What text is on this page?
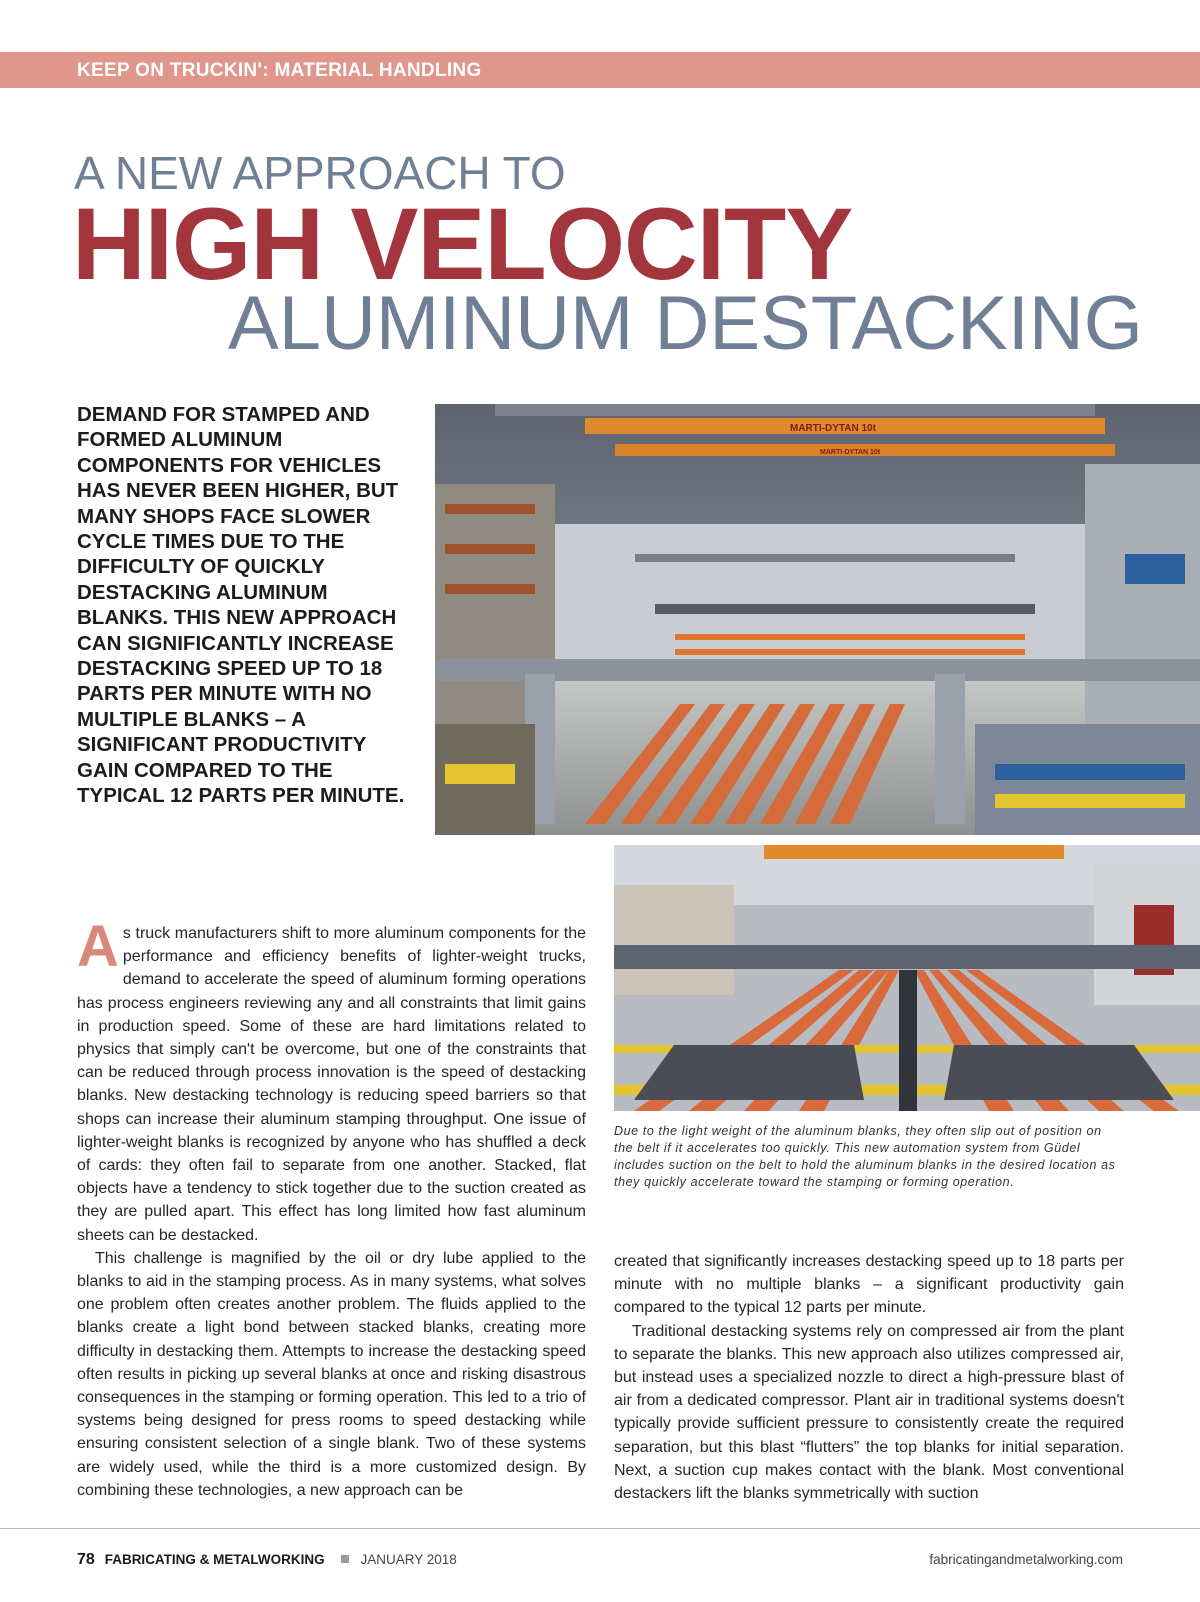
KEEP ON TRUCKIN': MATERIAL HANDLING
A NEW APPROACH TO
HIGH VELOCITY
ALUMINUM DESTACKING
DEMAND FOR STAMPED AND FORMED ALUMINUM COMPONENTS FOR VEHICLES HAS NEVER BEEN HIGHER, BUT MANY SHOPS FACE SLOWER CYCLE TIMES DUE TO THE DIFFICULTY OF QUICKLY DESTACKING ALUMINUM BLANKS. THIS NEW APPROACH CAN SIGNIFICANTLY INCREASE DESTACKING SPEED UP TO 18 PARTS PER MINUTE WITH NO MULTIPLE BLANKS – A SIGNIFICANT PRODUCTIVITY GAIN COMPARED TO THE TYPICAL 12 PARTS PER MINUTE.
MARTI-DYTAN 10t
MARTI-DYTAN 10t
Due to the light weight of the aluminum blanks, they often slip out of position on the belt if it accelerates too quickly. This new automation system from Güdel includes suction on the belt to hold the aluminum blanks in the desired location as they quickly accelerate toward the stamping or forming operation.

As truck manufacturers shift to more aluminum components for the performance and efficiency benefits of lighter-weight trucks, demand to accelerate the speed of aluminum forming operations has process engineers reviewing any and all constraints that limit gains in production speed. Some of these are hard limitations related to physics that simply can't be overcome, but one of the constraints that can be reduced through process innovation is the speed of destacking blanks. New destacking technology is reducing speed barriers so that shops can increase their aluminum stamping throughput. One issue of lighter-weight blanks is recognized by anyone who has shuffled a deck of cards: they often fail to separate from one another. Stacked, flat objects have a tendency to stick together due to the suction created as they are pulled apart. This effect has long limited how fast aluminum sheets can be destacked.

This challenge is magnified by the oil or dry lube applied to the blanks to aid in the stamping process. As in many systems, what solves one problem often creates another problem. The fluids applied to the blanks create a light bond between stacked blanks, creating more difficulty in destacking them. Attempts to increase the destacking speed often results in picking up several blanks at once and risking disastrous consequences in the stamping or forming operation. This led to a trio of systems being designed for press rooms to speed destacking while ensuring consistent selection of a single blank. Two of these systems are widely used, while the third is a more customized design. By combining these technologies, a new approach can be

created that significantly increases destacking speed up to 18 parts per minute with no multiple blanks – a significant productivity gain compared to the typical 12 parts per minute.

Traditional destacking systems rely on compressed air from the plant to separate the blanks. This new approach also utilizes compressed air, but instead uses a specialized nozzle to direct a high-pressure blast of air from a dedicated compressor. Plant air in traditional systems doesn't typically provide sufficient pressure to consistently create the required separation, but this blast “flutters” the top blanks for initial separation. Next, a suction cup makes contact with the blank. Most conventional destackers lift the blanks symmetrically with suction

78 FABRICATING & METALWORKING	JANUARY 2018	fabricatingandmetalworking.com
